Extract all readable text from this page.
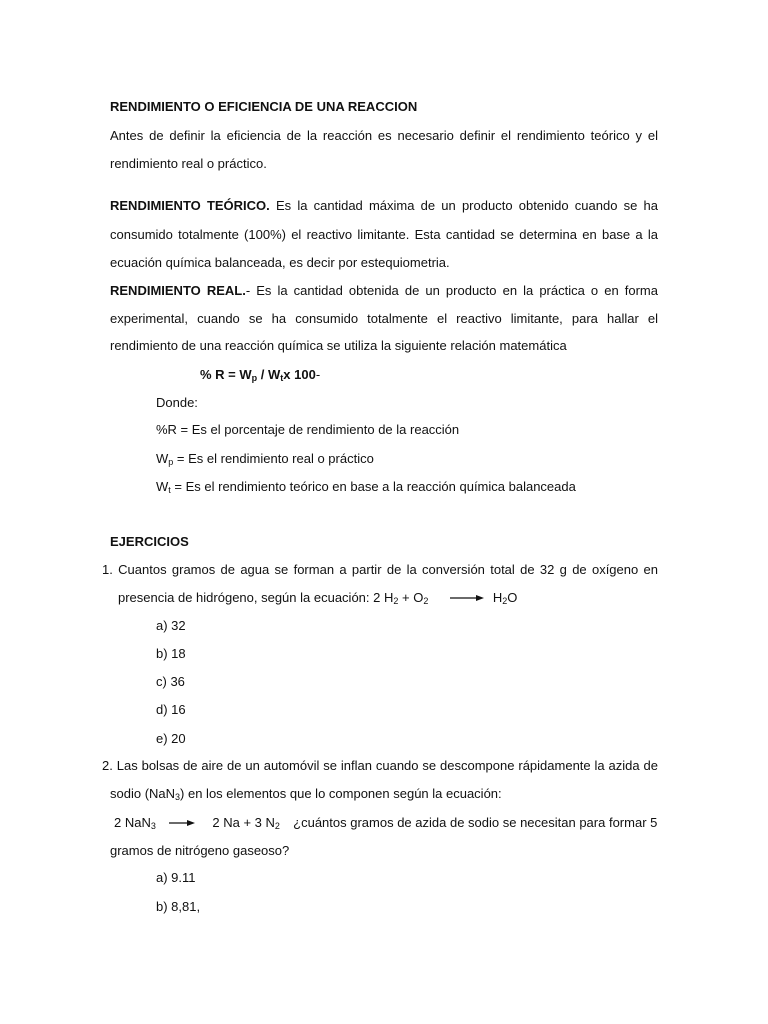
RENDIMIENTO O EFICIENCIA DE UNA REACCION
Antes de definir la eficiencia de la reacción es necesario definir el rendimiento teórico y el
rendimiento real o práctico.
RENDIMIENTO TEÓRICO. Es la cantidad máxima de un producto obtenido cuando se ha
consumido totalmente (100%) el reactivo limitante. Esta cantidad se determina en base a la
ecuación química balanceada, es decir por estequiometria.
RENDIMIENTO REAL.- Es la cantidad obtenida de un producto en la práctica o en forma
experimental, cuando se ha consumido totalmente el reactivo limitante, para hallar el
rendimiento de una reacción química se utiliza la siguiente relación matemática
% $R = W_p / W_tx$ 100-
Donde:
%R = Es el porcentaje de rendimiento de la reacción
$W_p = Es$ el rendimiento real o práctico
$W_t = Es$ el rendimiento teórico en base a la reacción química balanceada
EJERCICIOS
1. Cuantos gramos de agua se forman a partir de la conversión total de 32 g de oxígeno en
presencia de hidrógeno, según la ecuación: 2 $H_2 + O_2 \to H_2O$
a) 32
b) 18
c) 36
d) 16
e) 20
2. Las bolsas de aire de un automóvil se inflan cuando se descompone rápidamente la azida de
sodio (NaN$_3$) en los elementos que lo componen según la ecuación:
2 NaN$_3$ → 2 Na + 3 $N_2$ ¿cuántos gramos de azida de sodio se necesitan para formar 5
gramos de nitrógeno gaseoso?
a) 9.11
b) 8,81,
